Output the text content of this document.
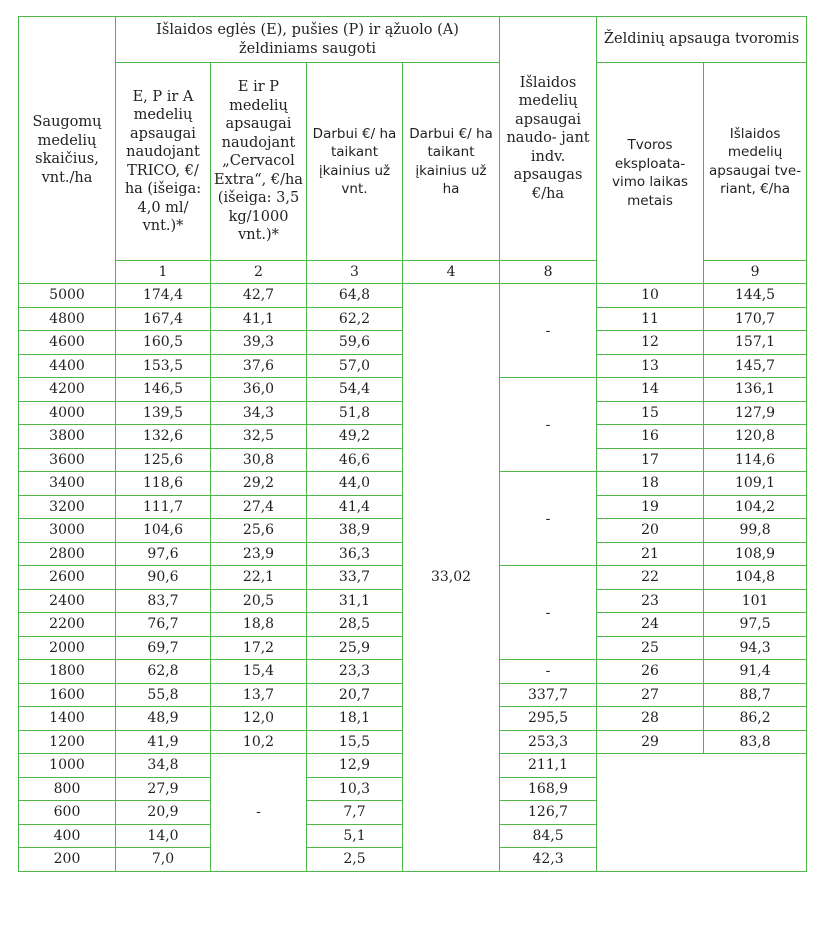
Saugomų medelių skaičius, vnt./ha	Išlaidos eglės (E), pušies (P) ir ąžuolo (A) želdiniams saugoti				Išlaidos medelių apsaugai naudo- jant indv. apsaugas €/ha	Želdinių apsauga tvoromis	
	E, P ir A medelių apsaugai naudojant TRICO, €/ ha (išeiga: 4,0 ml/ vnt.)*	E ir P medelių apsaugai naudojant „Cervacol Extra“, €/ha (išeiga: 3,5 kg/1000 vnt.)*	Darbui €/ ha taikant įkainius už vnt.	Darbui €/ ha taikant įkainius už ha		Tvoros eksploata- vimo laikas metais	Išlaidos medelių apsaugai tve- riant, €/ha
	1	2	3	4	8		9
5000	174,4	42,7	64,8	33,02	-	10	144,5
4800	167,4	41,1	62,2			11	170,7
4600	160,5	39,3	59,6			12	157,1
4400	153,5	37,6	57,0			13	145,7
4200	146,5	36,0	54,4		-	14	136,1
4000	139,5	34,3	51,8			15	127,9
3800	132,6	32,5	49,2			16	120,8
3600	125,6	30,8	46,6			17	114,6
3400	118,6	29,2	44,0		-	18	109,1
3200	111,7	27,4	41,4			19	104,2
3000	104,6	25,6	38,9			20	99,8
2800	97,6	23,9	36,3			21	108,9
2600	90,6	22,1	33,7		-	22	104,8
2400	83,7	20,5	31,1			23	101
2200	76,7	18,8	28,5			24	97,5
2000	69,7	17,2	25,9			25	94,3
1800	62,8	15,4	23,3		-	26	91,4
1600	55,8	13,7	20,7		337,7	27	88,7
1400	48,9	12,0	18,1		295,5	28	86,2
1200	41,9	10,2	15,5		253,3	29	83,8
1000	34,8	-	12,9		211,1		
800	27,9		10,3		168,9		
600	20,9		7,7		126,7		
400	14,0		5,1		84,5		
200	7,0		2,5		42,3		
